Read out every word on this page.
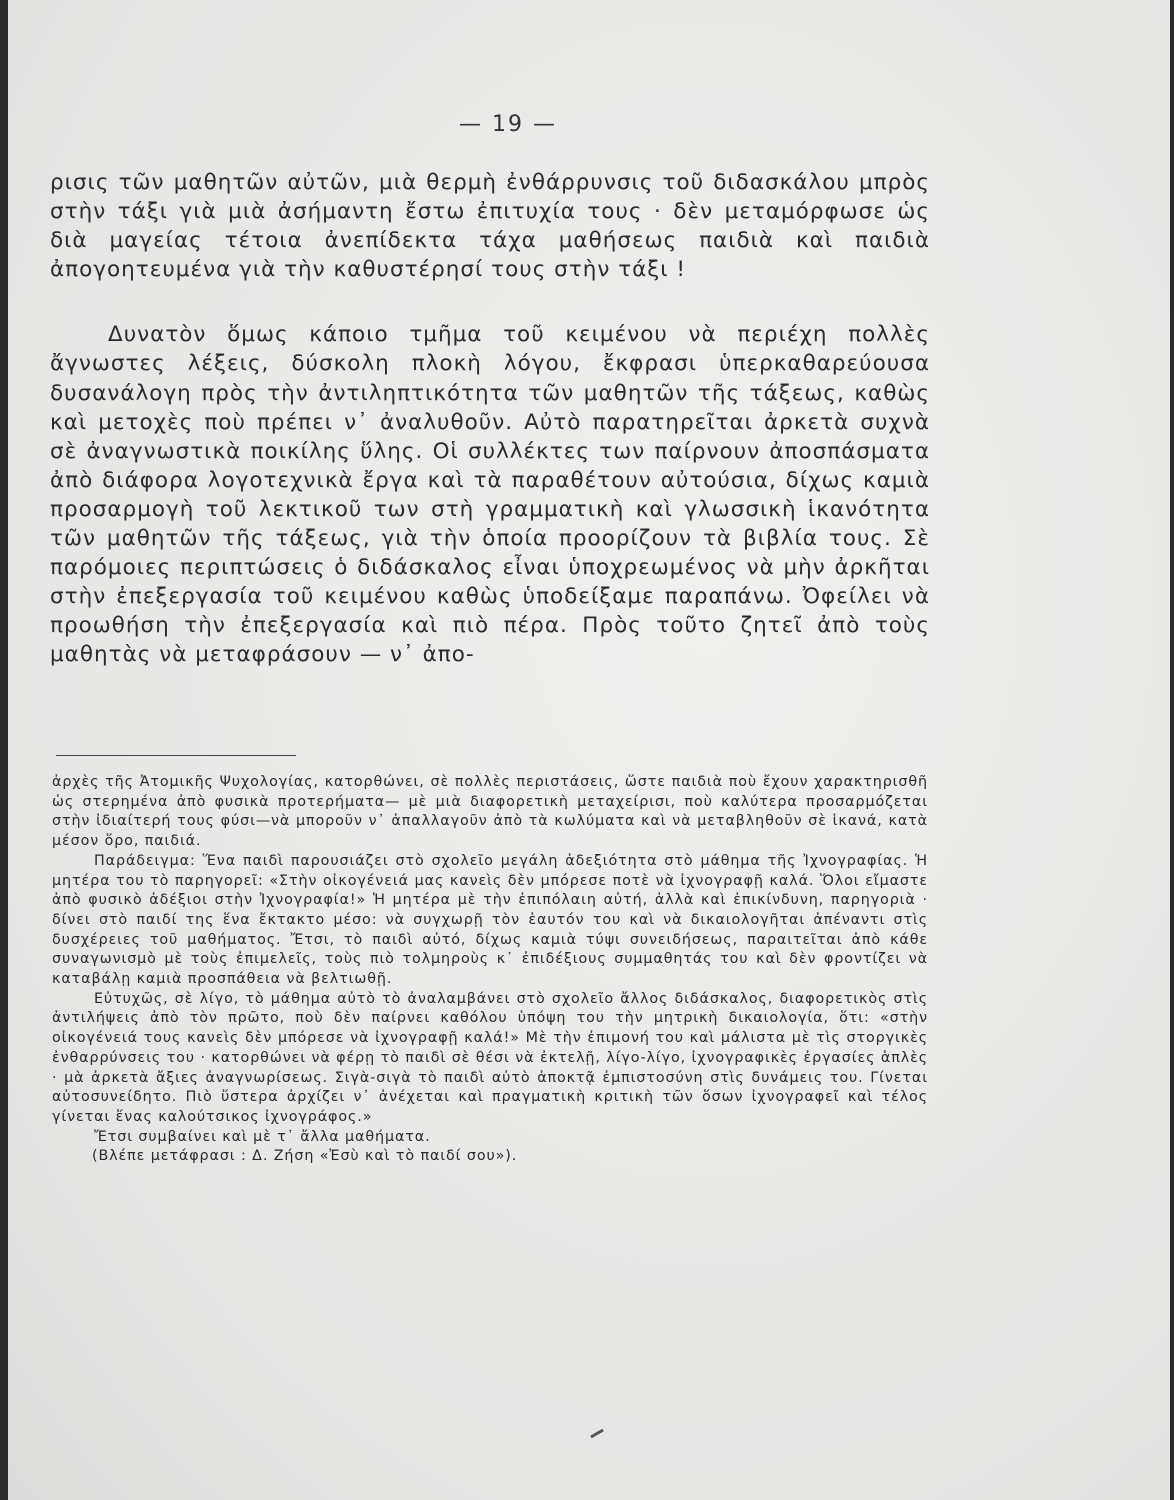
— 19 —

ρισις τῶν μαθητῶν αὐτῶν, μιὰ θερμὴ ἐνθάρρυνσις τοῦ διδασκάλου μπρὸς στὴν τάξι γιὰ μιὰ ἀσήμαντη ἔστω ἐπιτυχία τους · δὲν μεταμόρφωσε ὡς διὰ μαγείας τέτοια ἀνεπίδεκτα τάχα μαθήσεως παιδιὰ καὶ παιδιὰ ἀπογοητευμένα γιὰ τὴν καθυστέρησί τους στὴν τάξι !

Δυνατὸν ὅμως κάποιο τμῆμα τοῦ κειμένου νὰ περιέχη πολλὲς ἄγνωστες λέξεις, δύσκολη πλοκὴ λόγου, ἔκφρασι ὑπερκαθαρεύουσα δυσανάλογη πρὸς τὴν ἀντιληπτικότητα τῶν μαθητῶν τῆς τάξεως, καθὼς καὶ μετοχὲς ποὺ πρέπει ν᾿ ἀναλυθοῦν. Αὐτὸ παρατηρεῖται ἀρκετὰ συχνὰ σὲ ἀναγνωστικὰ ποικίλης ὕλης. Οἱ συλλέκτες των παίρνουν ἀποσπάσματα ἀπὸ διάφορα λογοτεχνικὰ ἔργα καὶ τὰ παραθέτουν αὐτούσια, δίχως καμιὰ προσαρμογὴ τοῦ λεκτικοῦ των στὴ γραμματικὴ καὶ γλωσσικὴ ἱκανότητα τῶν μαθητῶν τῆς τάξεως, γιὰ τὴν ὁποία προορίζουν τὰ βιβλία τους. Σὲ παρόμοιες περιπτώσεις ὁ διδάσκαλος εἶναι ὑποχρεωμένος νὰ μὴν ἀρκῆται στὴν ἐπεξεργασία τοῦ κειμένου καθὼς ὑποδείξαμε παραπάνω. Ὀφείλει νὰ προωθήση τὴν ἐπεξεργασία καὶ πιὸ πέρα. Πρὸς τοῦτο ζητεῖ ἀπὸ τοὺς μαθητὰς νὰ μεταφράσουν — ν᾿ ἀπο-

ἀρχὲς τῆς Ἀτομικῆς Ψυχολογίας, κατορθώνει, σὲ πολλὲς περιστάσεις, ὥστε παιδιὰ ποὺ ἔχουν χαρακτηρισθῆ ὡς στερημένα ἀπὸ φυσικὰ προτερήματα— μὲ μιὰ διαφορετικὴ μεταχείρισι, ποὺ καλύτερα προσαρμόζεται στὴν ἰδιαίτερή τους φύσι—νὰ μποροῦν ν᾿ ἀπαλλαγοῦν ἀπὸ τὰ κωλύματα καὶ νὰ μεταβληθοῦν σὲ ἱκανά, κατὰ μέσον ὅρο, παιδιά.

Παράδειγμα: Ἕνα παιδὶ παρουσιάζει στὸ σχολεῖο μεγάλη ἀδεξιότητα στὸ μάθημα τῆς Ἰχνογραφίας. Ἡ μητέρα του τὸ παρηγορεῖ: «Στὴν οἰκογένειά μας κανεὶς δὲν μπόρεσε ποτὲ νὰ ἰχνογραφῇ καλά. Ὅλοι εἴμαστε ἀπὸ φυσικὸ ἀδέξιοι στὴν Ἰχνογραφία!» Ἡ μητέρα μὲ τὴν ἐπιπόλαιη αὐτή, ἀλλὰ καὶ ἐπικίνδυνη, παρηγοριὰ · δίνει στὸ παιδί της ἕνα ἔκτακτο μέσο: νὰ συγχωρῇ τὸν ἑαυτόν του καὶ νὰ δικαιολογῆται ἀπέναντι στὶς δυσχέρειες τοῦ μαθήματος. Ἔτσι, τὸ παιδὶ αὐτό, δίχως καμιὰ τύψι συνειδήσεως, παραιτεῖται ἀπὸ κάθε συναγωνισμὸ μὲ τοὺς ἐπιμελεῖς, τοὺς πιὸ τολμηροὺς κ᾿ ἐπιδέξιους συμμαθητάς του καὶ δὲν φροντίζει νὰ καταβάλῃ καμιὰ προσπάθεια νὰ βελτιωθῇ.

Εὐτυχῶς, σὲ λίγο, τὸ μάθημα αὐτὸ τὸ ἀναλαμβάνει στὸ σχολεῖο ἄλλος διδάσκαλος, διαφορετικὸς στὶς ἀντιλήψεις ἀπὸ τὸν πρῶτο, ποὺ δὲν παίρνει καθόλου ὑπόψη του τὴν μητρικὴ δικαιολογία, ὅτι: «στὴν οἰκογένειά τους κανεὶς δὲν μπόρεσε νὰ ἰχνογραφῇ καλά!» Μὲ τὴν ἐπιμονή του καὶ μάλιστα μὲ τὶς στοργικὲς ἐνθαρρύνσεις του · κατορθώνει νὰ φέρῃ τὸ παιδὶ σὲ θέσι νὰ ἐκτελῇ, λίγο-λίγο, ἰχνογραφικὲς ἐργασίες ἁπλὲς · μὰ ἀρκετὰ ἄξιες ἀναγνωρίσεως. Σιγὰ-σιγὰ τὸ παιδὶ αὐτὸ ἀποκτᾷ ἐμπιστοσύνη στὶς δυνάμεις του. Γίνεται αὐτοσυνείδητο. Πιὸ ὕστερα ἀρχίζει ν᾿ ἀνέχεται καὶ πραγματικὴ κριτικὴ τῶν ὅσων ἰχνογραφεῖ καὶ τέλος γίνεται ἕνας καλούτσικος ἰχνογράφος.»

Ἔτσι συμβαίνει καὶ μὲ τ᾿ ἄλλα μαθήματα.

(Βλέπε μετάφρασι : Δ. Ζήση «Ἐσὺ καὶ τὸ παιδί σου»).
